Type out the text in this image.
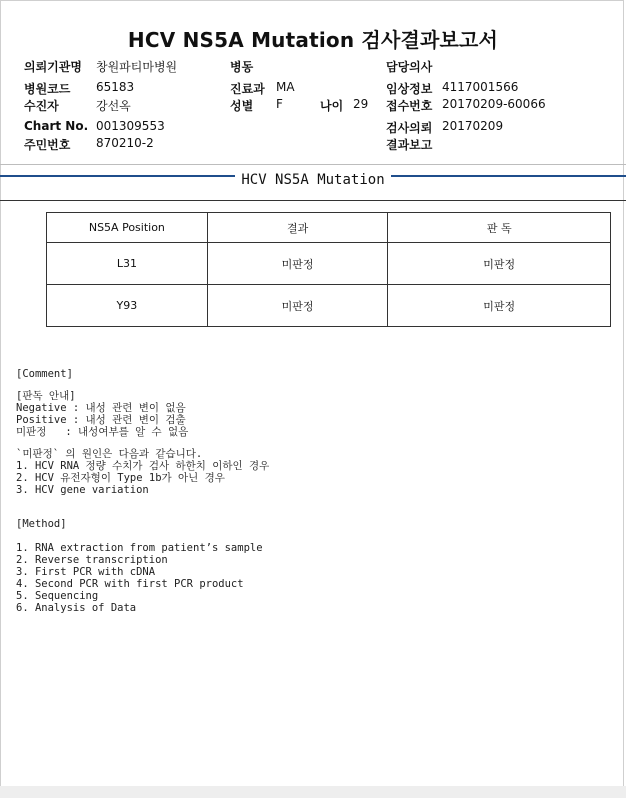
HCV NS5A Mutation 검사결과보고서
의뢰기관명 창원파티마병원
병원코드 65183
수진자	강선옥
Chart No. 001309553
주민번호 870210-2
병동
진료과 MA
성별 F	나이 29
담당의사
임상정보 4117001566
접수번호 20170209-60066
검사의뢰 20170209
결과보고
HCV NS5A Mutation
NS5A Position	결과	판 독
L31	미판정	미판정
Y93	미판정	미판정
[Comment]
[판독 안내]
Negative : 내성 관련 변이 없음
Positive : 내성 관련 변이 검출
미판정   : 내성여부를 알 수 없음
`미판정` 의 원인은 다음과 같습니다.
1. HCV RNA 정량 수치가 검사 하한치 이하인 경우
2. HCV 유전자형이 Type 1b가 아닌 경우
3. HCV gene variation
[Method]
1. RNA extraction from patient’s sample
2. Reverse transcription
3. First PCR with cDNA
4. Second PCR with first PCR product
5. Sequencing
6. Analysis of Data
